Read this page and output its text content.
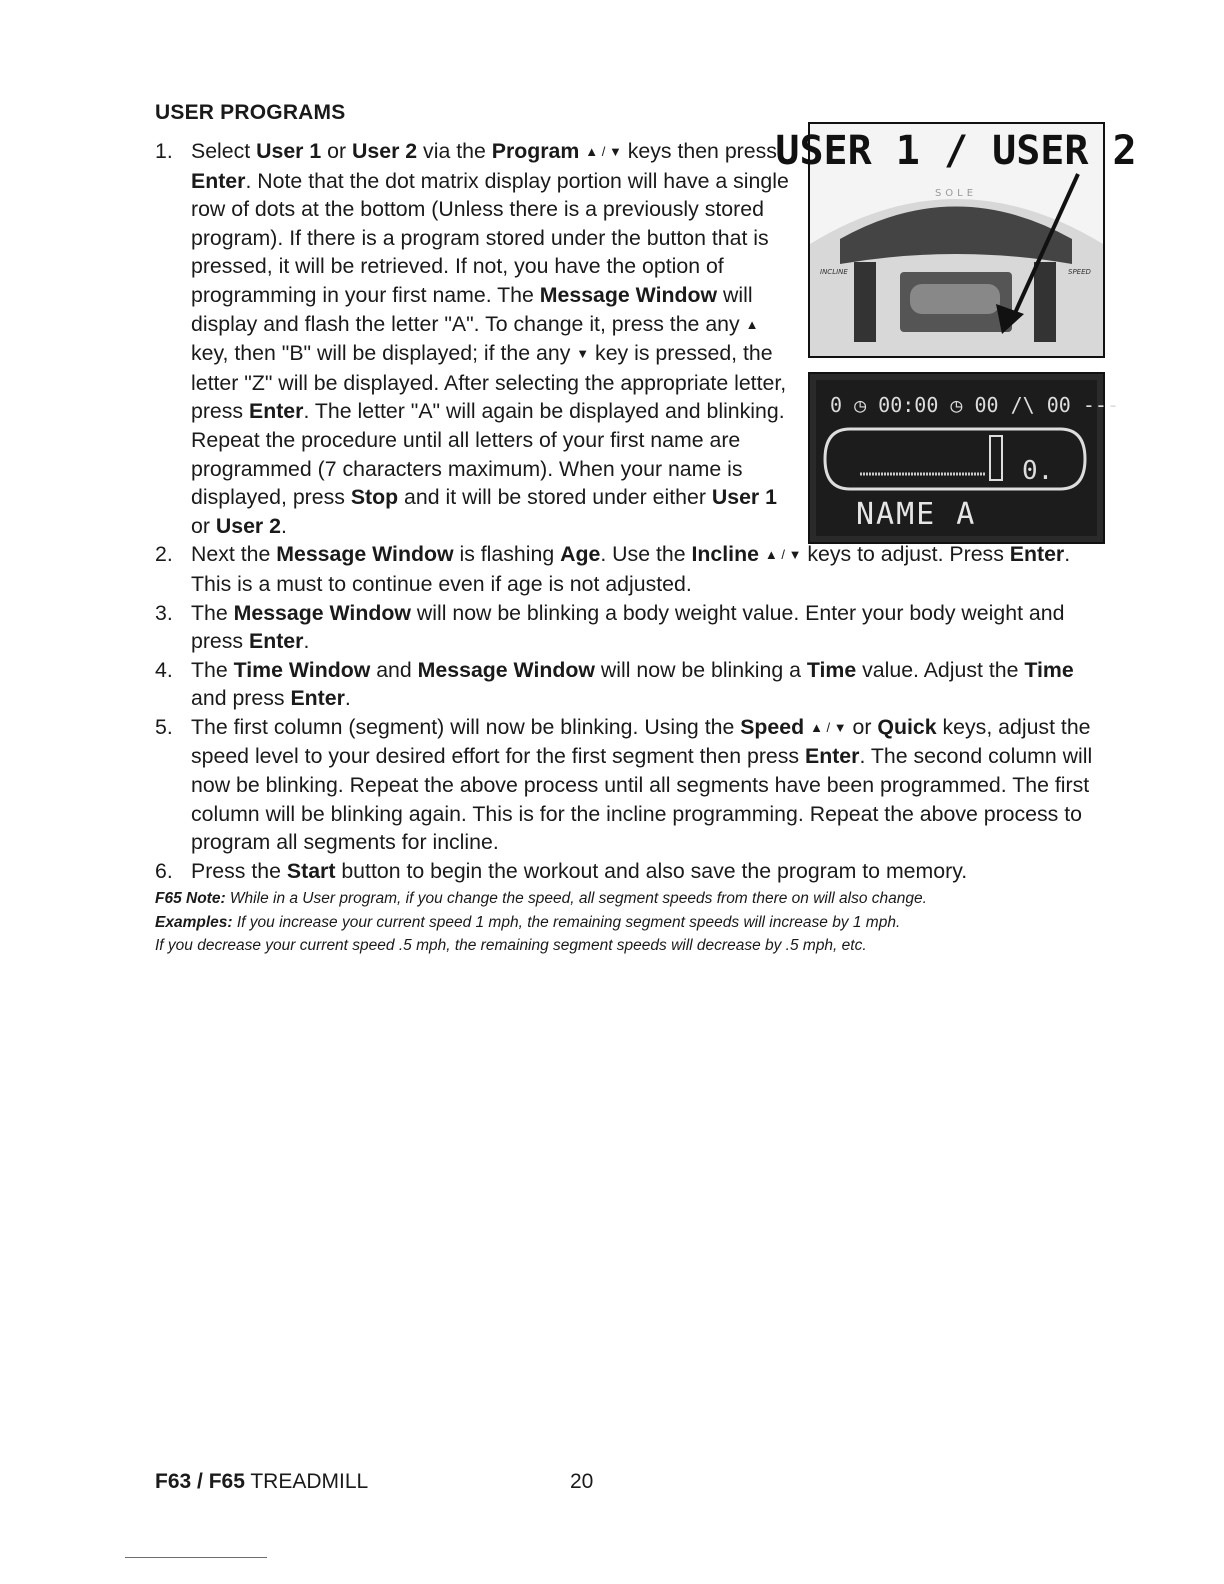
USER PROGRAMS
USER 1 / USER 2
SOLE
INCLINE	SPEED
0 ◷ 00:00 ◷ 00 /\ 00 ---
0.
NAME A
1. Select User 1 or User 2 via the Program ▲ / ▼ keys then press Enter. Note that the dot matrix display portion will have a single row of dots at the bottom (Unless there is a previously stored program). If there is a program stored under the button that is pressed, it will be retrieved. If not, you have the option of programming in your first name. The Message Window will display and flash the letter "A". To change it, press the any ▲ key, then "B" will be displayed; if the any ▼ key is pressed, the letter "Z" will be displayed. After selecting the appropriate letter, press Enter. The letter "A" will again be displayed and blinking. Repeat the procedure until all letters of your first name are programmed (7 characters maximum). When your name is displayed, press Stop and it will be stored under either User 1 or User 2.
2. Next the Message Window is flashing Age. Use the Incline ▲ / ▼ keys to adjust. Press Enter. This is a must to continue even if age is not adjusted.
3. The Message Window will now be blinking a body weight value. Enter your body weight and press Enter.
4. The Time Window and Message Window will now be blinking a Time value. Adjust the Time and press Enter.
5. The first column (segment) will now be blinking. Using the Speed ▲ / ▼ or Quick keys, adjust the speed level to your desired effort for the first segment then press Enter. The second column will now be blinking. Repeat the above process until all segments have been programmed. The first column will be blinking again. This is for the incline programming. Repeat the above process to program all segments for incline.
6. Press the Start button to begin the workout and also save the program to memory.
F65 Note: While in a User program, if you change the speed, all segment speeds from there on will also change.
Examples: If you increase your current speed 1 mph, the remaining segment speeds will increase by 1 mph.
If you decrease your current speed .5 mph, the remaining segment speeds will decrease by .5 mph, etc.
F63 / F65 TREADMILL	20
